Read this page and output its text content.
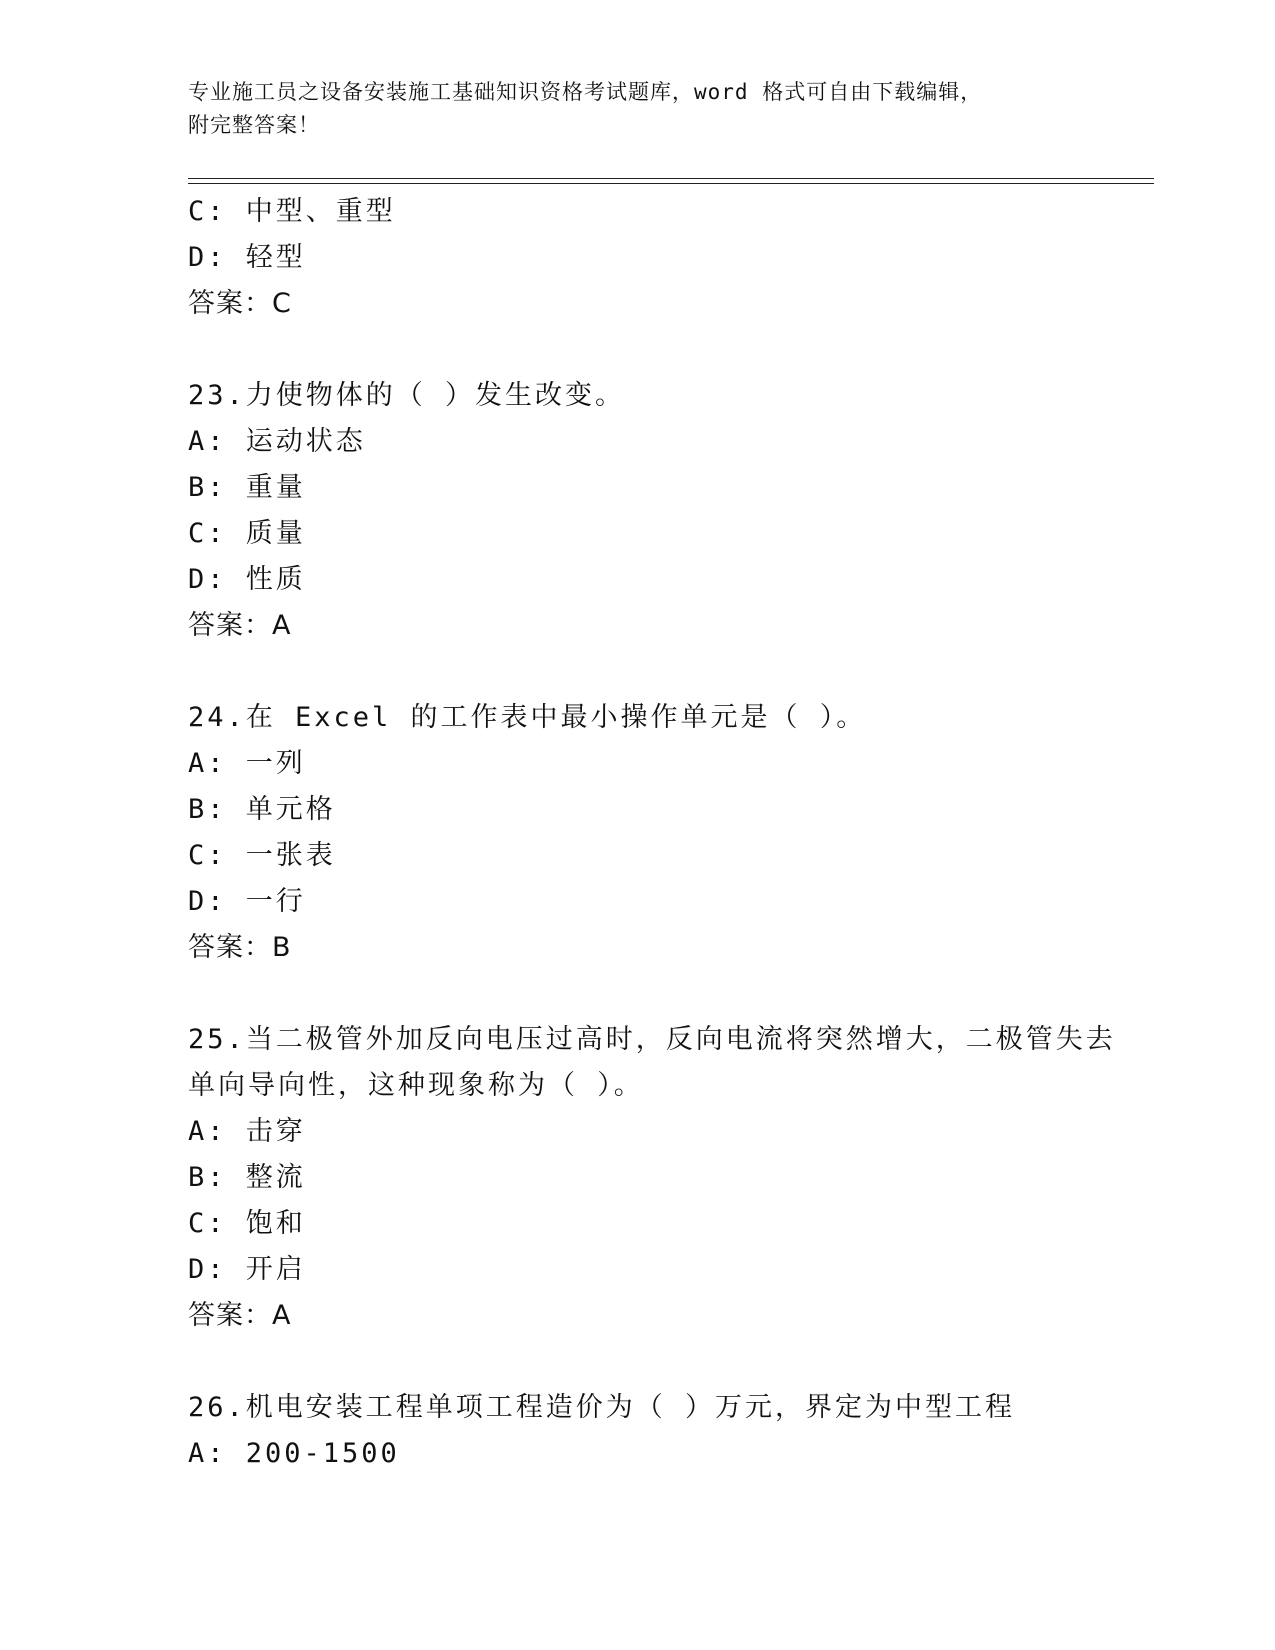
专业施工员之设备安装施工基础知识资格考试题库，word 格式可自由下载编辑，
附完整答案！
C: 中型、重型
D: 轻型
答案：C
23.力使物体的（ ）发生改变。
A: 运动状态
B: 重量
C: 质量
D: 性质
答案：A
24.在 Excel 的工作表中最小操作单元是（ ）。
A: 一列
B: 单元格
C: 一张表
D: 一行
答案：B
25.当二极管外加反向电压过高时，反向电流将突然增大，二极管失去
单向导向性，这种现象称为（ ）。
A: 击穿
B: 整流
C: 饱和
D: 开启
答案：A
26.机电安装工程单项工程造价为（ ）万元，界定为中型工程
A: 200-1500
